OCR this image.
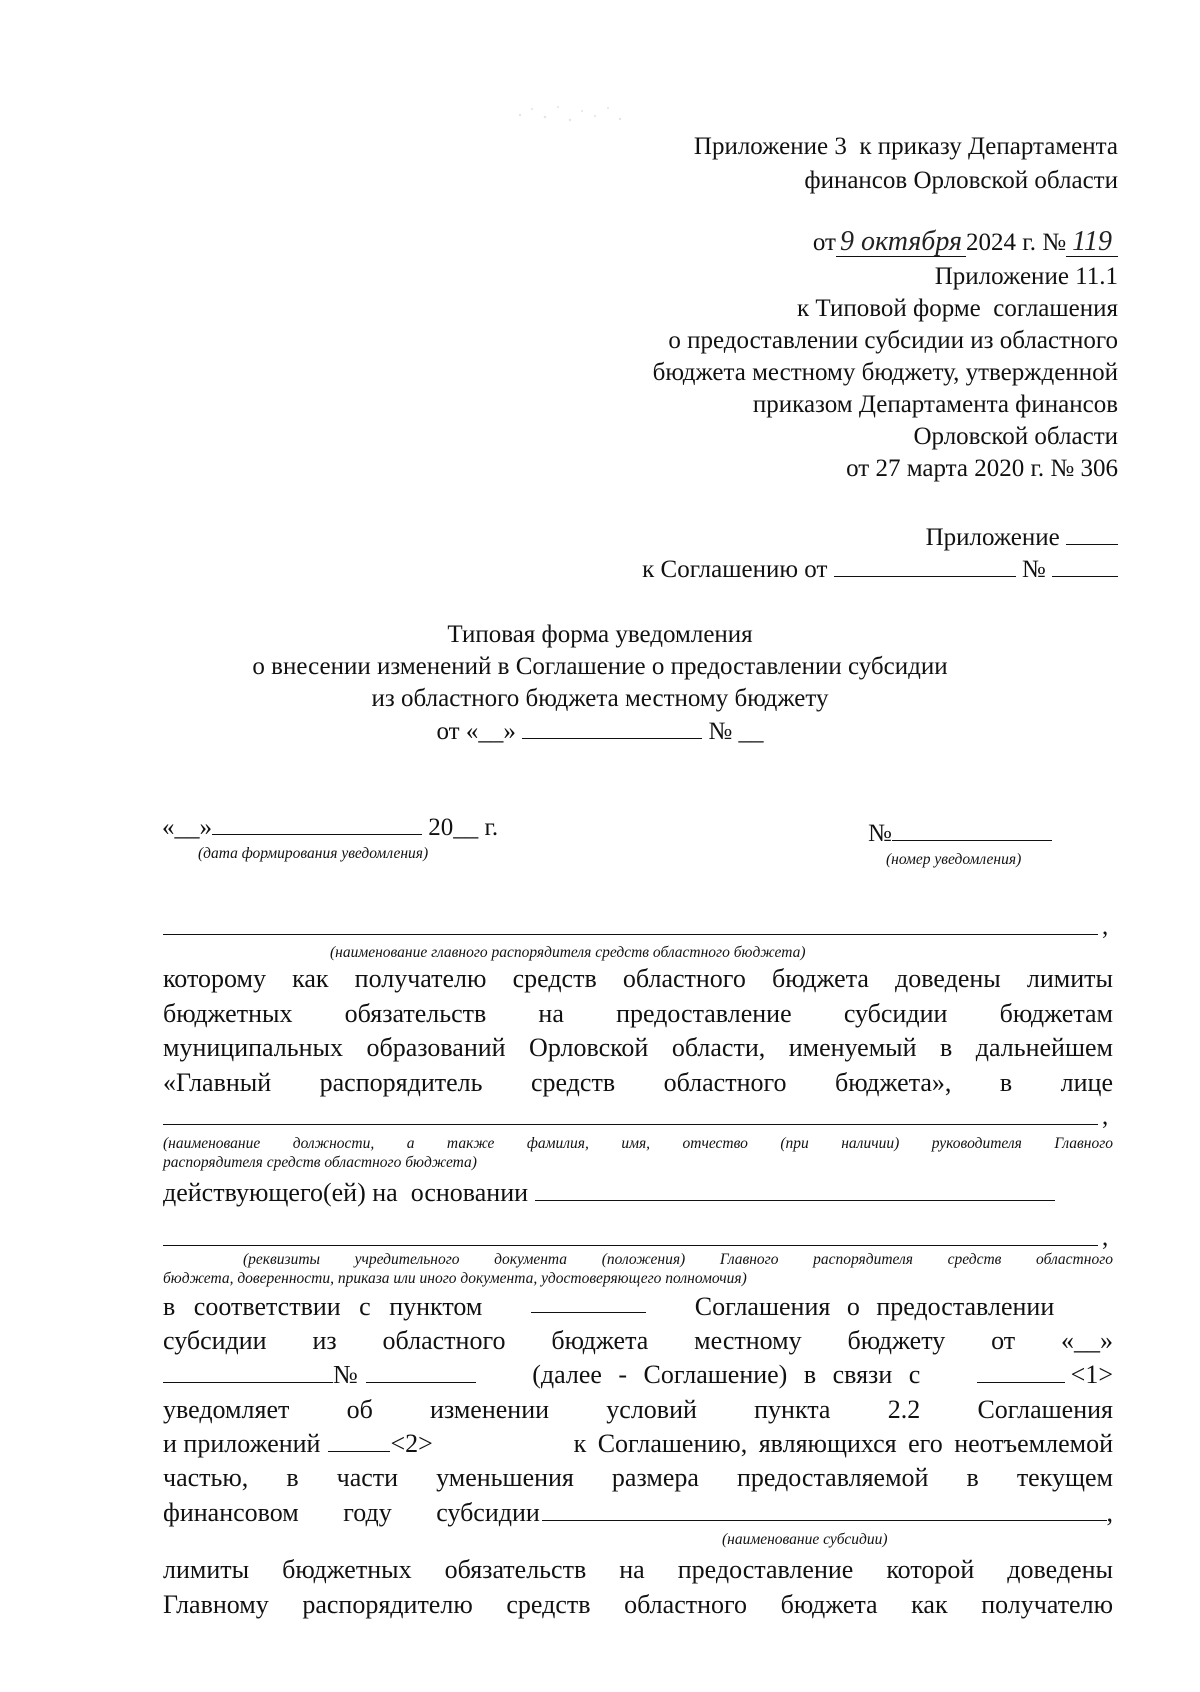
Приложение 3  к приказу Департамента
финансов Орловской области

от 9 октября 2024 г. № 119

Приложение 11.1
к Типовой форме  соглашения
о предоставлении субсидии из областного
бюджета местному бюджету, утвержденной
приказом Департамента финансов
Орловской области
от 27 марта 2020 г. № 306
Приложение
к Соглашению от	№
Типовая форма уведомления
о внесении изменений в Соглашение о предоставлении субсидии
из областного бюджета местному бюджету
от «__»	№ __
«__»	20__ г.
(дата формирования уведомления)
№
(номер уведомления)
,
(наименование главного распорядителя средств областного бюджета)
которому как получателю средств областного бюджета доведены лимиты
бюджетных обязательств на предоставление субсидии бюджетам
муниципальных образований Орловской области, именуемый в дальнейшем
«Главный распорядитель средств областного бюджета», в лице
,
(наименование должности, а также фамилия, имя, отчество (при наличии) руководителя Главного
распорядителя средств областного бюджета)
действующего(ей) на  основании
,
(реквизиты учредительного документа (положения) Главного распорядителя средств областного
бюджета, доверенности, приказа или иного документа, удостоверяющего полномочия)
в соответствии с пунктом	Соглашения о предоставлении
субсидии из областного бюджета местному бюджету от «__»
№	(далее - Соглашение) в связи с	<1>
уведомляет об изменении условий пункта 2.2 Соглашения
и приложений	<2>	к Соглашению, являющихся его неотъемлемой
частью, в части уменьшения размера предоставляемой в текущем
финансовом году субсидии	,
(наименование субсидии)
лимиты бюджетных обязательств на предоставление которой доведены
Главному распорядителю средств областного бюджета как получателю
